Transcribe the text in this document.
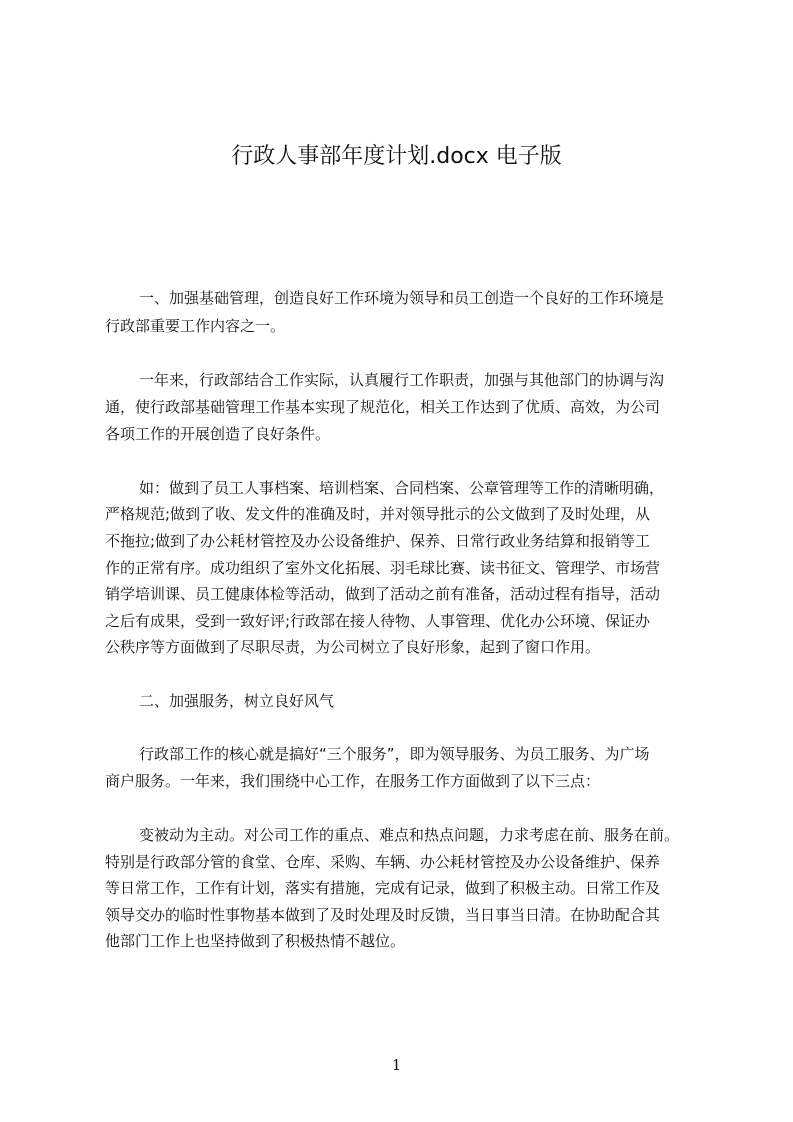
行政人事部年度计划.docx 电子版
一、加强基础管理，创造良好工作环境为领导和员工创造一个良好的工作环境是
行政部重要工作内容之一。
一年来，行政部结合工作实际，认真履行工作职责，加强与其他部门的协调与沟
通，使行政部基础管理工作基本实现了规范化，相关工作达到了优质、高效，为公司
各项工作的开展创造了良好条件。
如：做到了员工人事档案、培训档案、合同档案、公章管理等工作的清晰明确，
严格规范;做到了收、发文件的准确及时，并对领导批示的公文做到了及时处理，从
不拖拉;做到了办公耗材管控及办公设备维护、保养、日常行政业务结算和报销等工
作的正常有序。成功组织了室外文化拓展、羽毛球比赛、读书征文、管理学、市场营
销学培训课、员工健康体检等活动，做到了活动之前有准备，活动过程有指导，活动
之后有成果，受到一致好评;行政部在接人待物、人事管理、优化办公环境、保证办
公秩序等方面做到了尽职尽责，为公司树立了良好形象，起到了窗口作用。
二、加强服务，树立良好风气
行政部工作的核心就是搞好“三个服务”，即为领导服务、为员工服务、为广场
商户服务。一年来，我们围绕中心工作，在服务工作方面做到了以下三点：
变被动为主动。对公司工作的重点、难点和热点问题，力求考虑在前、服务在前。
特别是行政部分管的食堂、仓库、采购、车辆、办公耗材管控及办公设备维护、保养
等日常工作，工作有计划，落实有措施，完成有记录，做到了积极主动。日常工作及
领导交办的临时性事物基本做到了及时处理及时反馈，当日事当日清。在协助配合其
他部门工作上也坚持做到了积极热情不越位。
1
